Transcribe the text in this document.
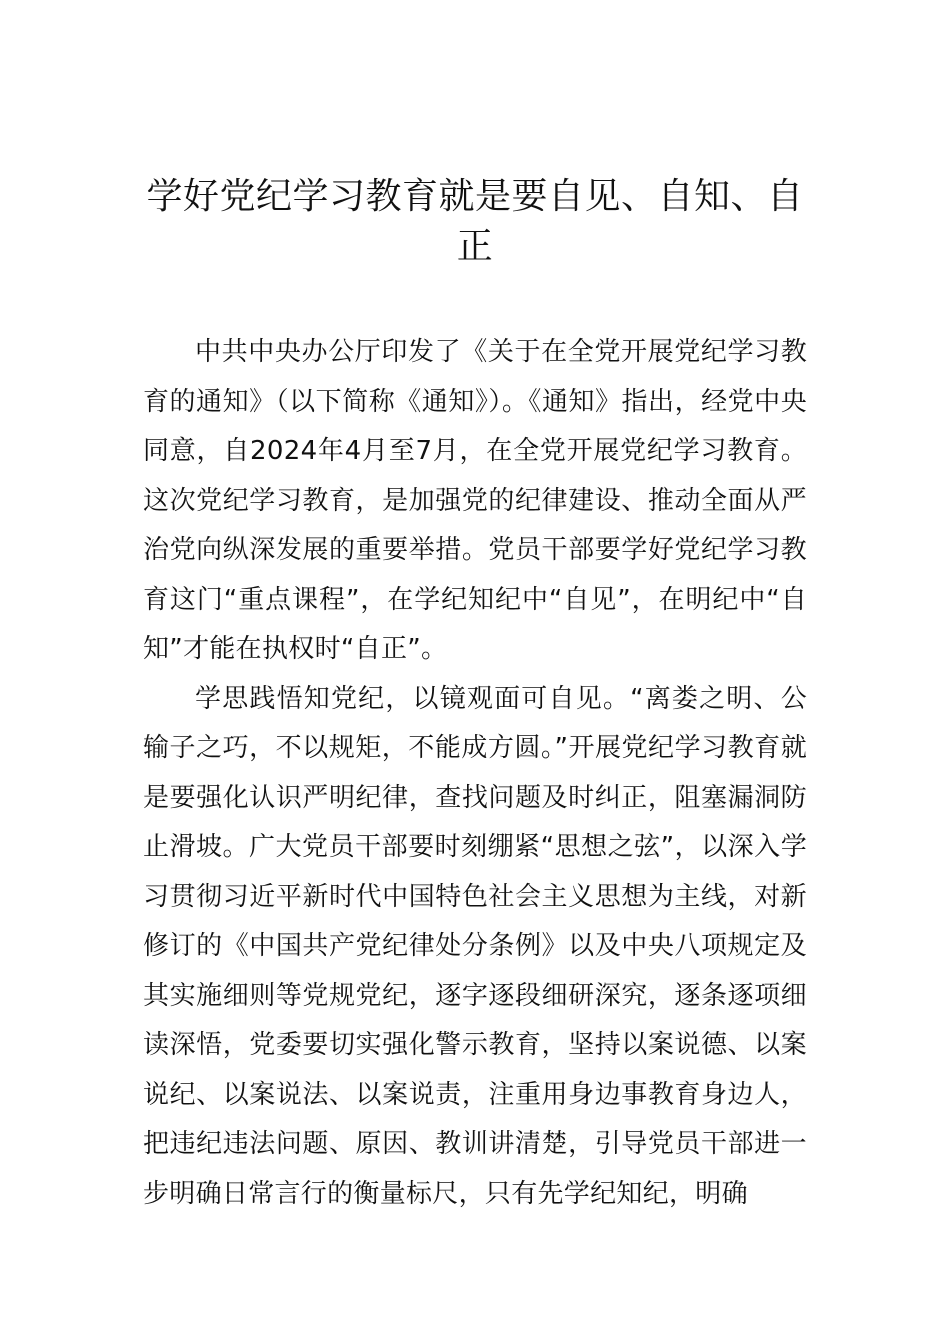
学好党纪学习教育就是要自见、自知、自正

中共中央办公厅印发了《关于在全党开展党纪学习教育的通知》（以下简称《通知》）。《通知》指出，经党中央同意，自2024年4月至7月，在全党开展党纪学习教育。这次党纪学习教育，是加强党的纪律建设、推动全面从严治党向纵深发展的重要举措。党员干部要学好党纪学习教育这门“重点课程”，在学纪知纪中“自见”，在明纪中“自知”才能在执权时“自正”。

学思践悟知党纪，以镜观面可自见。“离娄之明、公输子之巧，不以规矩，不能成方圆。”开展党纪学习教育就是要强化认识严明纪律，查找问题及时纠正，阻塞漏洞防止滑坡。广大党员干部要时刻绷紧“思想之弦”，以深入学习贯彻习近平新时代中国特色社会主义思想为主线，对新修订的《中国共产党纪律处分条例》以及中央八项规定及其实施细则等党规党纪，逐字逐段细研深究，逐条逐项细读深悟，党委要切实强化警示教育，坚持以案说德、以案说纪、以案说法、以案说责，注重用身边事教育身边人，把违纪违法问题、原因、教训讲清楚，引导党员干部进一步明确日常言行的衡量标尺，只有先学纪知纪，明确
